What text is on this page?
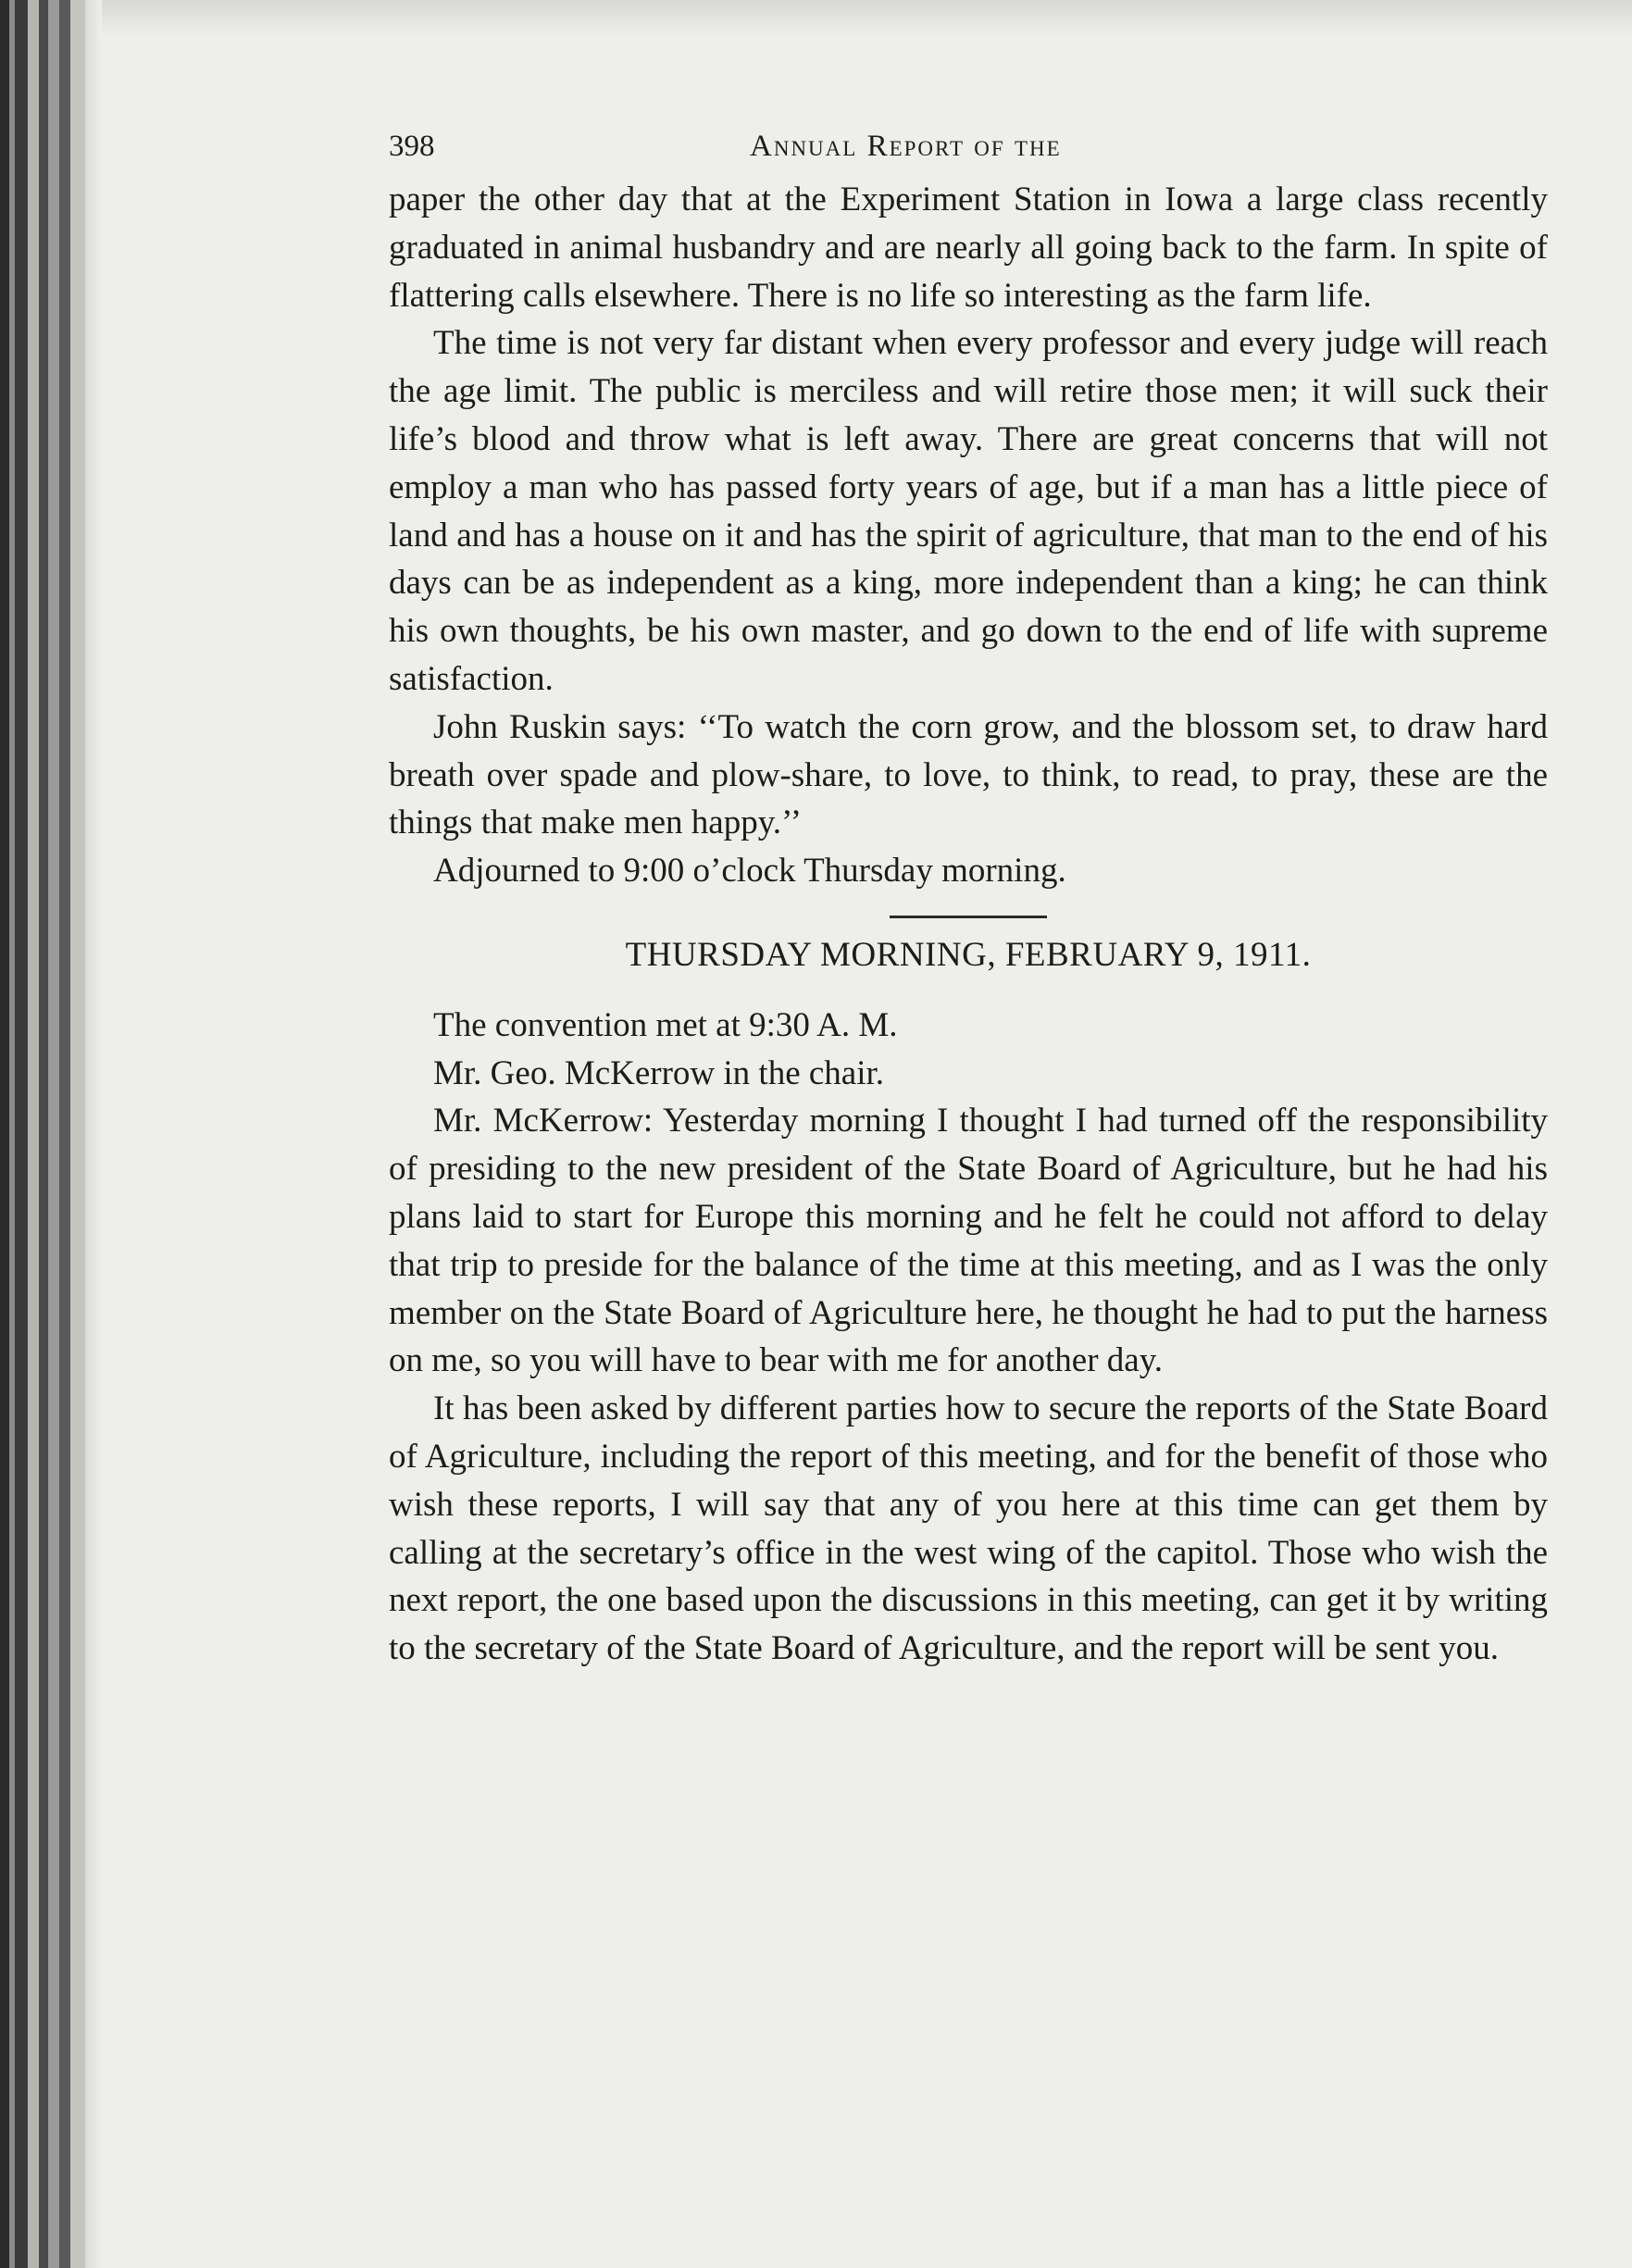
398	Annual Report of the

paper the other day that at the Experiment Station in Iowa a large class recently graduated in animal husbandry and are nearly all going back to the farm. In spite of flattering calls elsewhere. There is no life so interesting as the farm life.

The time is not very far distant when every professor and every judge will reach the age limit. The public is merciless and will retire those men; it will suck their life’s blood and throw what is left away. There are great concerns that will not employ a man who has passed forty years of age, but if a man has a little piece of land and has a house on it and has the spirit of agriculture, that man to the end of his days can be as independent as a king, more independent than a king; he can think his own thoughts, be his own master, and go down to the end of life with supreme satisfaction.

John Ruskin says: ‘‘To watch the corn grow, and the blossom set, to draw hard breath over spade and plow-share, to love, to think, to read, to pray, these are the things that make men happy.’’

Adjourned to 9:00 o’clock Thursday morning.

THURSDAY MORNING, FEBRUARY 9, 1911.

The convention met at 9:30 A. M.

Mr. Geo. McKerrow in the chair.

Mr. McKerrow: Yesterday morning I thought I had turned off the responsibility of presiding to the new president of the State Board of Agriculture, but he had his plans laid to start for Europe this morning and he felt he could not afford to delay that trip to preside for the balance of the time at this meeting, and as I was the only member on the State Board of Agriculture here, he thought he had to put the harness on me, so you will have to bear with me for another day.

It has been asked by different parties how to secure the reports of the State Board of Agriculture, including the report of this meeting, and for the benefit of those who wish these reports, I will say that any of you here at this time can get them by calling at the secretary’s office in the west wing of the capitol. Those who wish the next report, the one based upon the discussions in this meeting, can get it by writing to the secretary of the State Board of Agriculture, and the report will be sent you.
